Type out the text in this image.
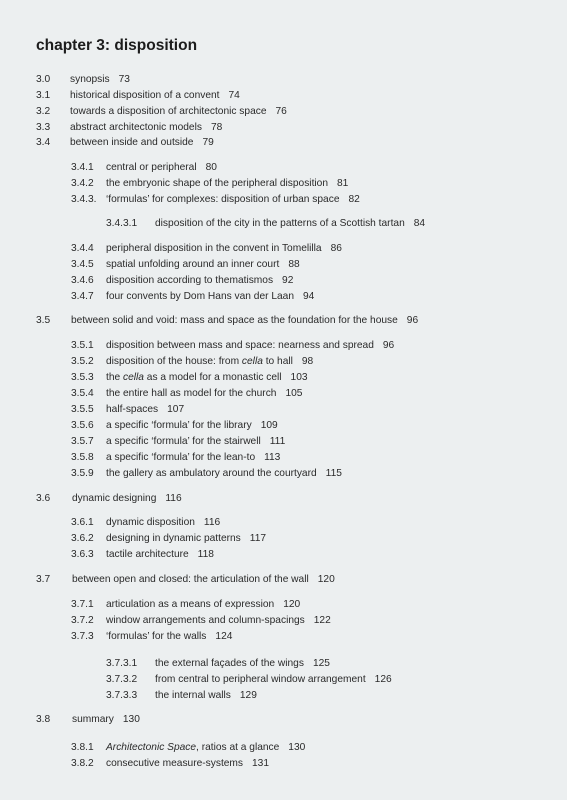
chapter 3: disposition
3.0 synopsis 73
3.1 historical disposition of a convent 74
3.2 towards a disposition of architectonic space 76
3.3 abstract architectonic models 78
3.4 between inside and outside 79
3.4.1 central or peripheral 80
3.4.2 the embryonic shape of the peripheral disposition 81
3.4.3. ‘formulas’ for complexes: disposition of urban space 82
3.4.3.1 disposition of the city in the patterns of a Scottish tartan 84
3.4.4 peripheral disposition in the convent in Tomelilla 86
3.4.5 spatial unfolding around an inner court 88
3.4.6 disposition according to thematismos 92
3.4.7 four convents by Dom Hans van der Laan 94
3.5 between solid and void: mass and space as the foundation for the house 96
3.5.1 disposition between mass and space: nearness and spread 96
3.5.2 disposition of the house: from cella to hall 98
3.5.3 the cella as a model for a monastic cell 103
3.5.4 the entire hall as model for the church 105
3.5.5 half-spaces 107
3.5.6 a specific ‘formula’ for the library 109
3.5.7 a specific ‘formula’ for the stairwell 111
3.5.8 a specific ‘formula’ for the lean-to 113
3.5.9 the gallery as ambulatory around the courtyard 115
3.6 dynamic designing 116
3.6.1 dynamic disposition 116
3.6.2 designing in dynamic patterns 117
3.6.3 tactile architecture 118
3.7 between open and closed: the articulation of the wall 120
3.7.1 articulation as a means of expression 120
3.7.2 window arrangements and column-spacings 122
3.7.3 ‘formulas’ for the walls 124
3.7.3.1 the external façades of the wings 125
3.7.3.2 from central to peripheral window arrangement 126
3.7.3.3 the internal walls 129
3.8 summary 130
3.8.1 Architectonic Space, ratios at a glance 130
3.8.2 consecutive measure-systems 131
